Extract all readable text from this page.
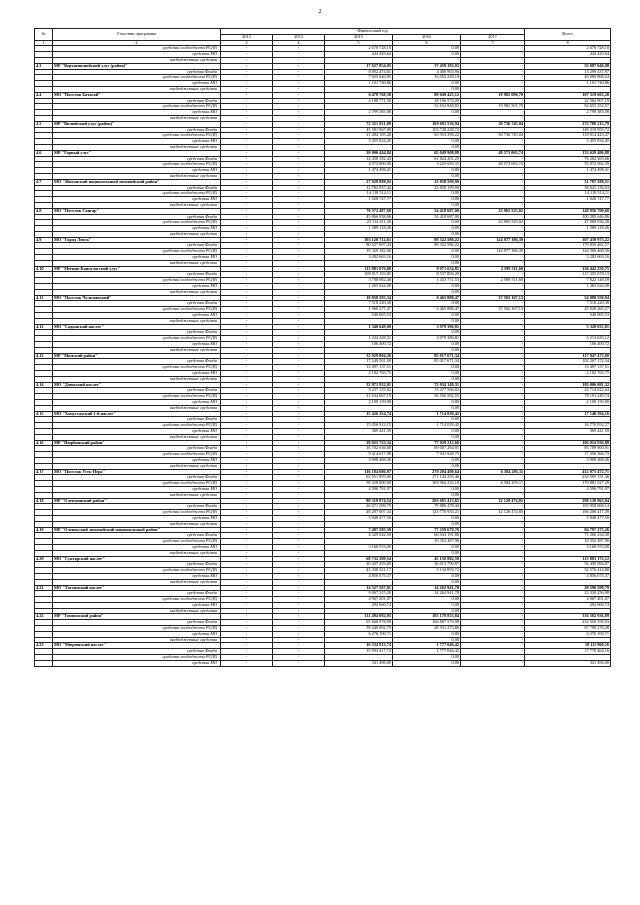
2
№	Участник программы	Финансовый год					Всего
		2013	2014	2015	2016	2017	
1	2	3	4	5	6	7	8
	средства госбюджета РС(Я)	-	-	2 670 728,10	0,00	-	2 670 728,10
	средства МО	-	-	444 429,64	0,00	-	444 429,64
	внебюджетные средства	-	-		-	-	
4.3	МР "Верхневилюйский улус (район)"	-	-	17 627 854,05	37 459 192,03	-	55 087 046,98
	средства Фонда	-	-	8 892 474,01	4 406 963,96	-	13 299 437,97
	средства госбюджета РС(Я)	-	-	7 655 640,05	33 052 228,19	-	40 080 868,24
	средства МО	-	-	1 101 740,86	0,00	-	1 101 740,86
	внебюджетные средства	-	-		0,00	-	
4.4	МО "Поселок Батагай"	-	-	6 470 768,38	80 049 423,12	19 982 096,70	107 319 663,20
	средства Фонда	-	-	4 188 771,50	18 196 574,29	-	22 384 907,19
	средства госбюджета РС(Я)	-	-		52 652 848,83	19 982 501,70	82 655 352,57
	средства МО	-	-	2 799 385,08	0,00	-	2 799 385,08
	внебюджетные средства	-	-		-	-	
4.5	МР "Вилюйский улус (район)"	-	-	72 321 931,09	169 691 536,94	30 736 745,04	272 780 213,79
	средства Фонда	-	-	45 581 967,00	103 738 238,72	-	149 319 955,72
	средства госбюджета РС(Я)	-	-	21 284 105,26	65 953 298,22	30 736 745,04	118 014 443,47
	средства МО	-	-	5 455 834,45	0,00	-	5 455 834,45
	внебюджетные средства	-	-		0,00	-	
4.6	МР "Горный улус"	-	-	20 006 444,84	65 049 908,88	48 573 063,74	133 629 406,88
	средства Фонда	-	-	14 458 182,43	61 824 201,25	-	76 282 383,66
	средства госбюджета РС(Я)	-	-	4 073 800,00	3 225 659,33	48 573 063,74	55 872 562,39
	средства МО	-	-	1 474 498,41	0,00	-	1 474 498,41
	внебюджетные средства	-	-		0,00	-	
4.7	МО "Жиганский национальный эвенкийский район"	-	-	27 929 888,93	23 858 599,99	-	51 787 388,51
	средства Фонда	-	-	12 782 937,44	23 858 199,99	-	36 641 136,63
	средства госбюджета РС(Я)	-	-	14 118 514,11	0,00	-	14 118 514,11
	средства МО	-	-	1 028 747,77	0,00	-	1 028 747,77
	внебюджетные средства	-	-		0,00	-	
4.8	МО "Поселок Сангар"	-	-	70 572 487,68	54 418 687,00	23 965 525,02	148 956 700,68
	средства Фонда	-	-	45 866 958,86	54 418 687,00	-	100 285 646,86
	средства госбюджета РС(Я)	-	-	23 114 411,26	0,00	23 965 525,02	47 069 936,28
	средства МО	-	-	1 589 118,26	0,00	-	1 589 118,26
	внебюджетные средства	-	-		0,00	-	
4.9	МО "Город Ленск"	-	-	103 120 712,61	89 322 586,22	124 977 386,39	307 439 975,22
	средства Фонда	-	-	80 527 897,43	89 322 586,22	-	170 850 482,57
	средства госбюджета РС(Я)	-	-	19 329 182,00	0,00	124 977 386,39	144 306 468,39
	средства МО	-	-	3 282 663,16	0,00	-	3 282 663,16
	внебюджетные средства	-	-		0,00	-	
4.10	МР "Мегино-Кангаласский улус"	-	-	113 881 076,80	9 971 634,81	2 589 511,60	126 442 250,75
	средства Фонда	-	-	108 817 193,85	8 537 884,28	-	117 355 078,13
	средства госбюджета РС(Я)	-	-	3 798 082,46	1 433 751,53	2 589 511,60	7 822 148,59
	средства МО	-	-	1 265 024,08	0,00	-	1 265 024,08
	внебюджетные средства	-	-		0,00	-	
4.11	МО "Поселок Чульманский"	-	-	10 058 593,34	6 465 888,47	37 502 167,13	54 088 550,94
	средства Фонда	-	-	7 518 220,38	0,00	-	7 518 220,38
	средства госбюджета РС(Я)	-	-	1 960 277,47	6 465 888,47	37 502 167,13	45 928 265,27
	средства МО	-	-	540 065,53	0,00	-	540 065,53
	внебюджетные средства	-	-		0,00	-	
4.12	МО "Садынский наслег"	-	-	1 340 649,00	3 979 386,81	-	5 320 035,81
	средства Фонда	-	-		0,00	-	
	средства госбюджета РС(Я)	-	-	1 234 248,31	3 979 386,81	-	5 213 635,12
	средства МО	-	-	106 400,72	0,00	-	106 400,72
	внебюджетные средства	-	-		0,00	-	
4.13	МР "Момский район"	-	-	32 929 804,26	85 017 671,34	-	117 947 475,60
	средства Фонда	-	-	17 249 501,00	85 017 671,34	-	102 267 172,34
	средства госбюджета РС(Я)	-	-	13 497 137,51	0,00	-	13 497 137,51
	средства МО	-	-	2 182 765,75	0,00	-	2 182 765,75
	внебюджетные средства	-	-		0,00	-	
4.14	МО "Доюкский наслег"	-	-	32 971 932,01	72 034 149,31	-	105 006 081,32
	средства Фонда	-	-	9 237 155,82	15 477 566,82	-	24 714 022,64
	средства госбюджета РС(Я)	-	-	21 634 667,19	56 556 582,55	-	78 191 249,74
	средства МО	-	-	2 100 139,00	0,00	-	2 100 139,00
	внебюджетные средства	-	-		0,00	-	
4.15	МО "Хомустахский 1-й наслег"	-	-	15 426 354,74	1 714 039,42	-	17 140 394,16
	средства Фонда	-	-		0,00	-	
	средства госбюджета РС(Я)	-	-	15 056 913,15	1 714 039,42	-	16 770 952,57
	средства МО	-	-	369 441,59	0,00	-	369 441,59
	внебюджетные средства	-	-		0,00	-	
4.16	МР "Нюрбинский район"	-	-	29 025 723,34	77 029 213,66	-	106 054 936,89
	средства Фонда	-	-	16 702 636,00	69 087 264,91	-	85 789 900,91
	средства госбюджета РС(Я)	-	-	9 414 617,98	7 941 948,75	-	17 356 566,73
	средства МО	-	-	3 908 468,36	0,00	-	3 908 468,36
	внебюджетные средства	-	-		0,00	-	
4.17	МО "Поселок Усть-Нера"	-	-	116 184 686,97	279 204 490,64	6 584 295,11	412 073 472,71
	средства Фонда	-	-	63 551 895,00	171 142 255,46	-	234 595 151,46
	средства госбюджета РС(Я)	-	-	58 328 000,00	105 962 232,18	6 584 295,11	170 881 527,29
	средства МО	-	-	4 596 791,97	0,00	-	4 596 791,97
	внебюджетные средства	-	-		0,00	-	
4.18	МР "Олекминский район"	-	-	80 319 074,54	205 681 413,65	12 128 474,85	298 130 963,04
	средства Фонда	-	-	26 071 589,70	79 886 478,44	-	105 958 068,14
	средства госбюджета РС(Я)	-	-	48 297 007,34	125 770 935,21	12 128 474,85	186 200 417,39
	средства МО	-	-	5 948 477,50	0,00	-	5 948 477,50
	внебюджетные средства	-	-		0,00	-	
4.19	МР "Оленекский эвенкийский национальный район"	-	-	7 487 595,50	77 259 679,76	-	84 797 275,26
	средства Фонда	-	-	4 329 042,50	66 943 191,80	-	71 266 234,30
	средства госбюджета РС(Я)	-	-		10 352 487,96	-	10 352 487,96
	средства МО	-	-	3 160 553,00	0,00	-	3 160 553,00
	внебюджетные средства	-	-		0,00	-	
4.20	МО "Сунтарский наслег"	-	-	68 732 289,54	45 150 882,58	-	113 883 172,12
	средства Фонда	-	-	20 437 293,00	36 013 790,87	-	56 450 084,87
	средства госбюджета РС(Я)	-	-	43 438 321,17	9 134 093,72	-	52 576 414,88
	средства МО	-	-	4 856 675,37	0,00	-	4 856 675,37
	внебюджетные средства	-	-		0,00	-	
4.21	МО "Таттинский наслег"	-	-	14 327 567,01	14 262 941,78	-	28 590 508,79
	средства Фонда	-	-	9 067 315,20	14 262 941,78	-	23 330 256,98
	средства госбюджета РС(Я)	-	-	4 967 201,07	0,00	-	4 967 201,07
	средства МО	-	-	292 660,74	0,00	-	292 660,74
	внебюджетные средства	-	-		0,00	-	
4.22	МР "Томпонский район"	-	-	131 494 082,05	185 178 853,84	-	316 582 936,89
	средства Фонда	-	-	65 668 978,99	166 887 579,98	-	232 556 558,93
	средства госбюджета РС(Я)	-	-	59 449 002,79	28 531 273,86	-	67 790 276,28
	средства МО	-	-	6 276 100,71	0,00	-	6 276 100,71
	внебюджетные средства	-	-		0,00	-	
4.23	МО "Мюрюнский наслег"	-	-	16 334 913,74	1 777 046,42	-	18 111 960,16
	средства Фонда	-	-	15 993 417,74	1 777 046,42	-	17 770 464,16
	средства госбюджета РС(Я)	-	-		0,00	-	
	средства МО	-	-	341 496,00	0,00	-	341 496,00
